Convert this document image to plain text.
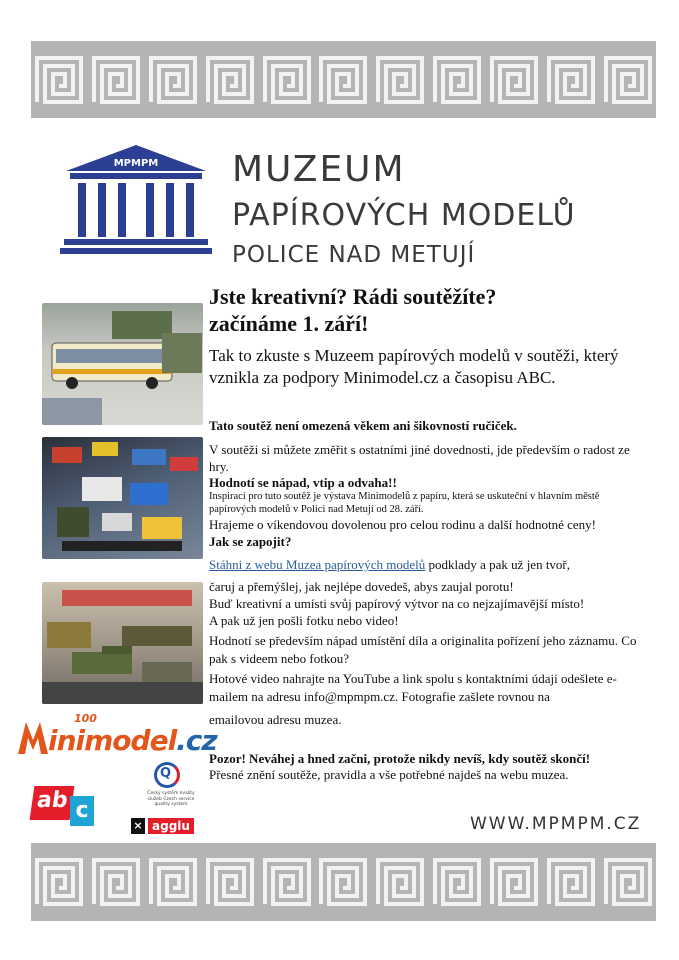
MPMPM MUZEUM
PAPÍROVÝCH MODELŮ
POLICE NAD METUJÍ
Jste kreativní? Rádi soutěžíte?
začínáme 1. září!
Tak to zkuste s Muzeem papírových modelů v soutěži, který vznikla za podpory Minimodel.cz a časopisu ABC.
Tato soutěž není omezená věkem ani šikovností ručiček.
V soutěži si můžete změřit s ostatními jiné dovednosti, jde především o radost ze hry.
Hodnotí se nápad, vtip a odvaha!!
Inspirací pro tuto soutěž je výstava Minimodelů z papíru, která se uskuteční v hlavním městě papírových modelů v Polici nad Metují od 28. září.
Hrajeme o víkendovou dovolenou pro celou rodinu a další hodnotné ceny!
Jak se zapojit?
Stáhni z webu Muzea papírových modelů podklady a pak už jen tvoř,
čaruj a přemýšlej, jak nejlépe dovedeš, abys zaujal porotu!
Buď kreativní a umísti svůj papírový výtvor na co nejzajímavější místo!
A pak už jen pošli fotku nebo video!
Hodnotí se především nápad umístění díla a originalita pořízení jeho záznamu. Co pak s videem nebo fotkou?
Hotové video nahrajte na YouTube a link spolu s kontaktními údaji odešlete e-mailem na adresu info@mpmpm.cz. Fotografie zašlete rovnou na
emailovou adresu muzea.
Pozor! Neváhej a hned začni, protože nikdy nevíš, kdy soutěž skončí!
Přesné znění soutěže, pravidla a vše potřebné najdeš na webu muzea.
100
inimodel.cz
ab c
Q
Český systém kvality služeb Czech service quality system
× agglu	WWW.MPMPM.CZ
